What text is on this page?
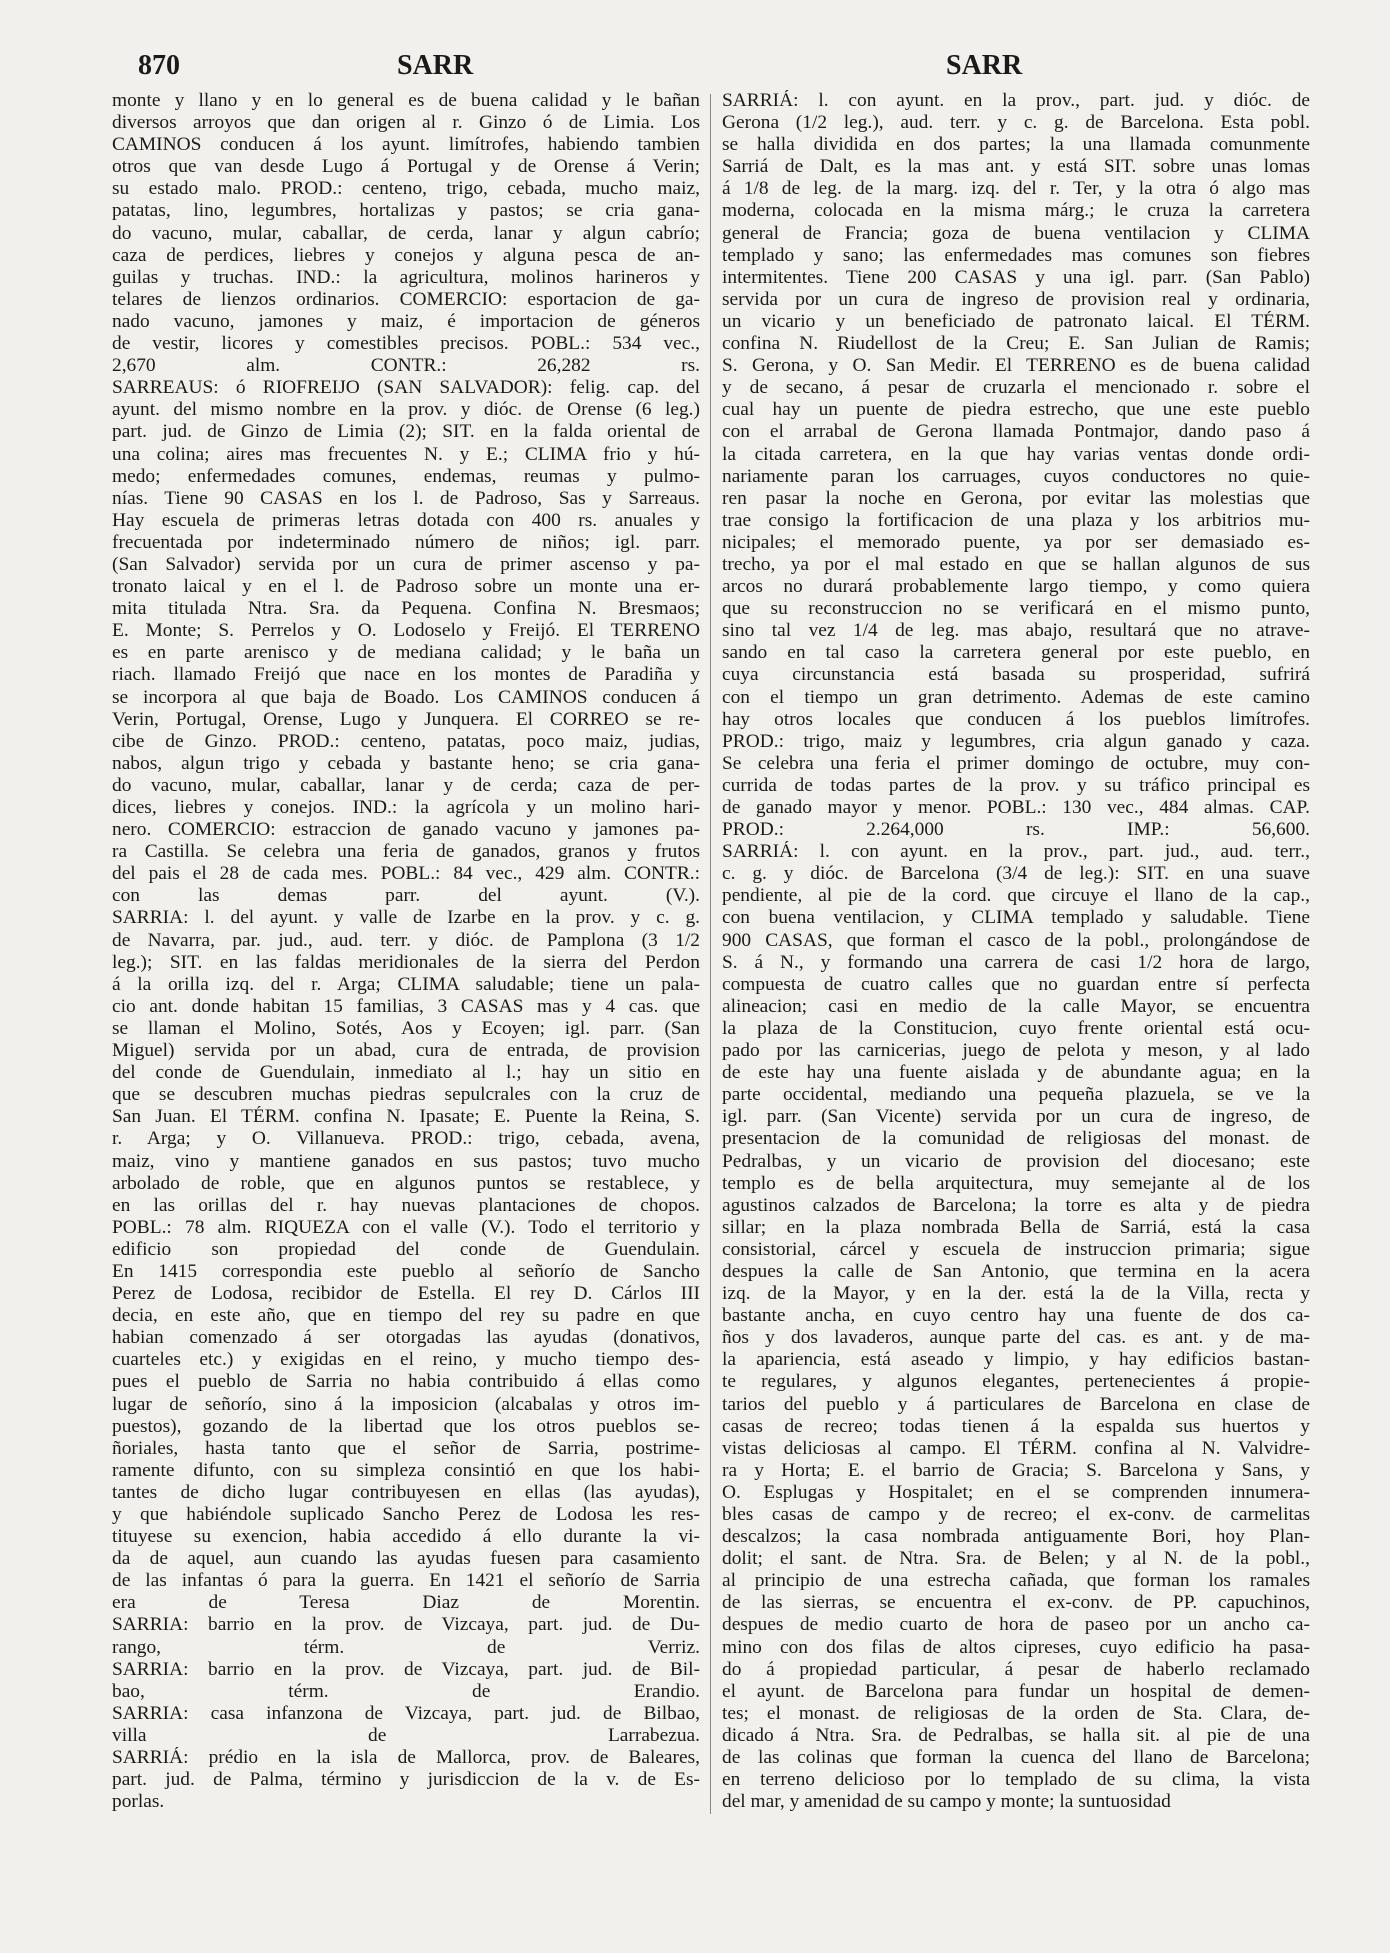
870	SARR	SARR
monte y llano y en lo general es de buena calidad y le bañan
diversos arroyos que dan origen al r. Ginzo ó de Limia. Los
CAMINOS conducen á los ayunt. limítrofes, habiendo tambien
otros que van desde Lugo á Portugal y de Orense á Verin;
su estado malo. PROD.: centeno, trigo, cebada, mucho maiz,
patatas, lino, legumbres, hortalizas y pastos; se cria gana-
do vacuno, mular, caballar, de cerda, lanar y algun cabrío;
caza de perdices, liebres y conejos y alguna pesca de an-
guilas y truchas. IND.: la agricultura, molinos harineros y
telares de lienzos ordinarios. COMERCIO: esportacion de ga-
nado vacuno, jamones y maiz, é importacion de géneros
de vestir, licores y comestibles precisos. POBL.: 534 vec.,
2,670 alm. CONTR.: 26,282 rs.
SARREAUS: ó RIOFREIJO (SAN SALVADOR): felig. cap. del
ayunt. del mismo nombre en la prov. y dióc. de Orense (6 leg.)
part. jud. de Ginzo de Limia (2); SIT. en la falda oriental de
una colina; aires mas frecuentes N. y E.; CLIMA frio y hú-
medo; enfermedades comunes, endemas, reumas y pulmo-
nías. Tiene 90 CASAS en los l. de Padroso, Sas y Sarreaus.
Hay escuela de primeras letras dotada con 400 rs. anuales y
frecuentada por indeterminado número de niños; igl. parr.
(San Salvador) servida por un cura de primer ascenso y pa-
tronato laical y en el l. de Padroso sobre un monte una er-
mita titulada Ntra. Sra. da Pequena. Confina N. Bresmaos;
E. Monte; S. Perrelos y O. Lodoselo y Freijó. El TERRENO
es en parte arenisco y de mediana calidad; y le baña un
riach. llamado Freijó que nace en los montes de Paradiña y
se incorpora al que baja de Boado. Los CAMINOS conducen á
Verin, Portugal, Orense, Lugo y Junquera. El CORREO se re-
cibe de Ginzo. PROD.: centeno, patatas, poco maiz, judias,
nabos, algun trigo y cebada y bastante heno; se cria gana-
do vacuno, mular, caballar, lanar y de cerda; caza de per-
dices, liebres y conejos. IND.: la agrícola y un molino hari-
nero. COMERCIO: estraccion de ganado vacuno y jamones pa-
ra Castilla. Se celebra una feria de ganados, granos y frutos
del pais el 28 de cada mes. POBL.: 84 vec., 429 alm. CONTR.:
con las demas parr. del ayunt. (V.).
SARRIA: l. del ayunt. y valle de Izarbe en la prov. y c. g.
de Navarra, par. jud., aud. terr. y dióc. de Pamplona (3 1/2
leg.); SIT. en las faldas meridionales de la sierra del Perdon
á la orilla izq. del r. Arga; CLIMA saludable; tiene un pala-
cio ant. donde habitan 15 familias, 3 CASAS mas y 4 cas. que
se llaman el Molino, Sotés, Aos y Ecoyen; igl. parr. (San
Miguel) servida por un abad, cura de entrada, de provision
del conde de Guendulain, inmediato al l.; hay un sitio en
que se descubren muchas piedras sepulcrales con la cruz de
San Juan. El TÉRM. confina N. Ipasate; E. Puente la Reina, S.
r. Arga; y O. Villanueva. PROD.: trigo, cebada, avena,
maiz, vino y mantiene ganados en sus pastos; tuvo mucho
arbolado de roble, que en algunos puntos se restablece, y
en las orillas del r. hay nuevas plantaciones de chopos.
POBL.: 78 alm. RIQUEZA con el valle (V.). Todo el territorio y
edificio son propiedad del conde de Guendulain.
En 1415 correspondia este pueblo al señorío de Sancho
Perez de Lodosa, recibidor de Estella. El rey D. Cárlos III
decia, en este año, que en tiempo del rey su padre en que
habian comenzado á ser otorgadas las ayudas (donativos,
cuarteles etc.) y exigidas en el reino, y mucho tiempo des-
pues el pueblo de Sarria no habia contribuido á ellas como
lugar de señorío, sino á la imposicion (alcabalas y otros im-
puestos), gozando de la libertad que los otros pueblos se-
ñoriales, hasta tanto que el señor de Sarria, postrime-
ramente difunto, con su simpleza consintió en que los habi-
tantes de dicho lugar contribuyesen en ellas (las ayudas),
y que habiéndole suplicado Sancho Perez de Lodosa les res-
tituyese su exencion, habia accedido á ello durante la vi-
da de aquel, aun cuando las ayudas fuesen para casamiento
de las infantas ó para la guerra. En 1421 el señorío de Sarria
era de Teresa Diaz de Morentin.
SARRIA: barrio en la prov. de Vizcaya, part. jud. de Du-
rango, térm. de Verriz.
SARRIA: barrio en la prov. de Vizcaya, part. jud. de Bil-
bao, térm. de Erandio.
SARRIA: casa infanzona de Vizcaya, part. jud. de Bilbao,
villa de Larrabezua.
SARRIÁ: prédio en la isla de Mallorca, prov. de Baleares,
part. jud. de Palma, término y jurisdiccion de la v. de Es-
porlas.
SARRIÁ: l. con ayunt. en la prov., part. jud. y dióc. de
Gerona (1/2 leg.), aud. terr. y c. g. de Barcelona. Esta pobl.
se halla dividida en dos partes; la una llamada comunmente
Sarriá de Dalt, es la mas ant. y está SIT. sobre unas lomas
á 1/8 de leg. de la marg. izq. del r. Ter, y la otra ó algo mas
moderna, colocada en la misma márg.; le cruza la carretera
general de Francia; goza de buena ventilacion y CLIMA
templado y sano; las enfermedades mas comunes son fiebres
intermitentes. Tiene 200 CASAS y una igl. parr. (San Pablo)
servida por un cura de ingreso de provision real y ordinaria,
un vicario y un beneficiado de patronato laical. El TÉRM.
confina N. Riudellost de la Creu; E. San Julian de Ramis;
S. Gerona, y O. San Medir. El TERRENO es de buena calidad
y de secano, á pesar de cruzarla el mencionado r. sobre el
cual hay un puente de piedra estrecho, que une este pueblo
con el arrabal de Gerona llamada Pontmajor, dando paso á
la citada carretera, en la que hay varias ventas donde ordi-
nariamente paran los carruages, cuyos conductores no quie-
ren pasar la noche en Gerona, por evitar las molestias que
trae consigo la fortificacion de una plaza y los arbitrios mu-
nicipales; el memorado puente, ya por ser demasiado es-
trecho, ya por el mal estado en que se hallan algunos de sus
arcos no durará probablemente largo tiempo, y como quiera
que su reconstruccion no se verificará en el mismo punto,
sino tal vez 1/4 de leg. mas abajo, resultará que no atrave-
sando en tal caso la carretera general por este pueblo, en
cuya circunstancia está basada su prosperidad, sufrirá
con el tiempo un gran detrimento. Ademas de este camino
hay otros locales que conducen á los pueblos limítrofes.
PROD.: trigo, maiz y legumbres, cria algun ganado y caza.
Se celebra una feria el primer domingo de octubre, muy con-
currida de todas partes de la prov. y su tráfico principal es
de ganado mayor y menor. POBL.: 130 vec., 484 almas. CAP.
PROD.: 2.264,000 rs. IMP.: 56,600.
SARRIÁ: l. con ayunt. en la prov., part. jud., aud. terr.,
c. g. y dióc. de Barcelona (3/4 de leg.): SIT. en una suave
pendiente, al pie de la cord. que circuye el llano de la cap.,
con buena ventilacion, y CLIMA templado y saludable. Tiene
900 CASAS, que forman el casco de la pobl., prolongándose de
S. á N., y formando una carrera de casi 1/2 hora de largo,
compuesta de cuatro calles que no guardan entre sí perfecta
alineacion; casi en medio de la calle Mayor, se encuentra
la plaza de la Constitucion, cuyo frente oriental está ocu-
pado por las carnicerias, juego de pelota y meson, y al lado
de este hay una fuente aislada y de abundante agua; en la
parte occidental, mediando una pequeña plazuela, se ve la
igl. parr. (San Vicente) servida por un cura de ingreso, de
presentacion de la comunidad de religiosas del monast. de
Pedralbas, y un vicario de provision del diocesano; este
templo es de bella arquitectura, muy semejante al de los
agustinos calzados de Barcelona; la torre es alta y de piedra
sillar; en la plaza nombrada Bella de Sarriá, está la casa
consistorial, cárcel y escuela de instruccion primaria; sigue
despues la calle de San Antonio, que termina en la acera
izq. de la Mayor, y en la der. está la de la Villa, recta y
bastante ancha, en cuyo centro hay una fuente de dos ca-
ños y dos lavaderos, aunque parte del cas. es ant. y de ma-
la apariencia, está aseado y limpio, y hay edificios bastan-
te regulares, y algunos elegantes, pertenecientes á propie-
tarios del pueblo y á particulares de Barcelona en clase de
casas de recreo; todas tienen á la espalda sus huertos y
vistas deliciosas al campo. El TÉRM. confina al N. Valvidre-
ra y Horta; E. el barrio de Gracia; S. Barcelona y Sans, y
O. Esplugas y Hospitalet; en el se comprenden innumera-
bles casas de campo y de recreo; el ex-conv. de carmelitas
descalzos; la casa nombrada antiguamente Bori, hoy Plan-
dolit; el sant. de Ntra. Sra. de Belen; y al N. de la pobl.,
al principio de una estrecha cañada, que forman los ramales
de las sierras, se encuentra el ex-conv. de PP. capuchinos,
despues de medio cuarto de hora de paseo por un ancho ca-
mino con dos filas de altos cipreses, cuyo edificio ha pasa-
do á propiedad particular, á pesar de haberlo reclamado
el ayunt. de Barcelona para fundar un hospital de demen-
tes; el monast. de religiosas de la orden de Sta. Clara, de-
dicado á Ntra. Sra. de Pedralbas, se halla sit. al pie de una
de las colinas que forman la cuenca del llano de Barcelona;
en terreno delicioso por lo templado de su clima, la vista
del mar, y amenidad de su campo y monte; la suntuosidad
